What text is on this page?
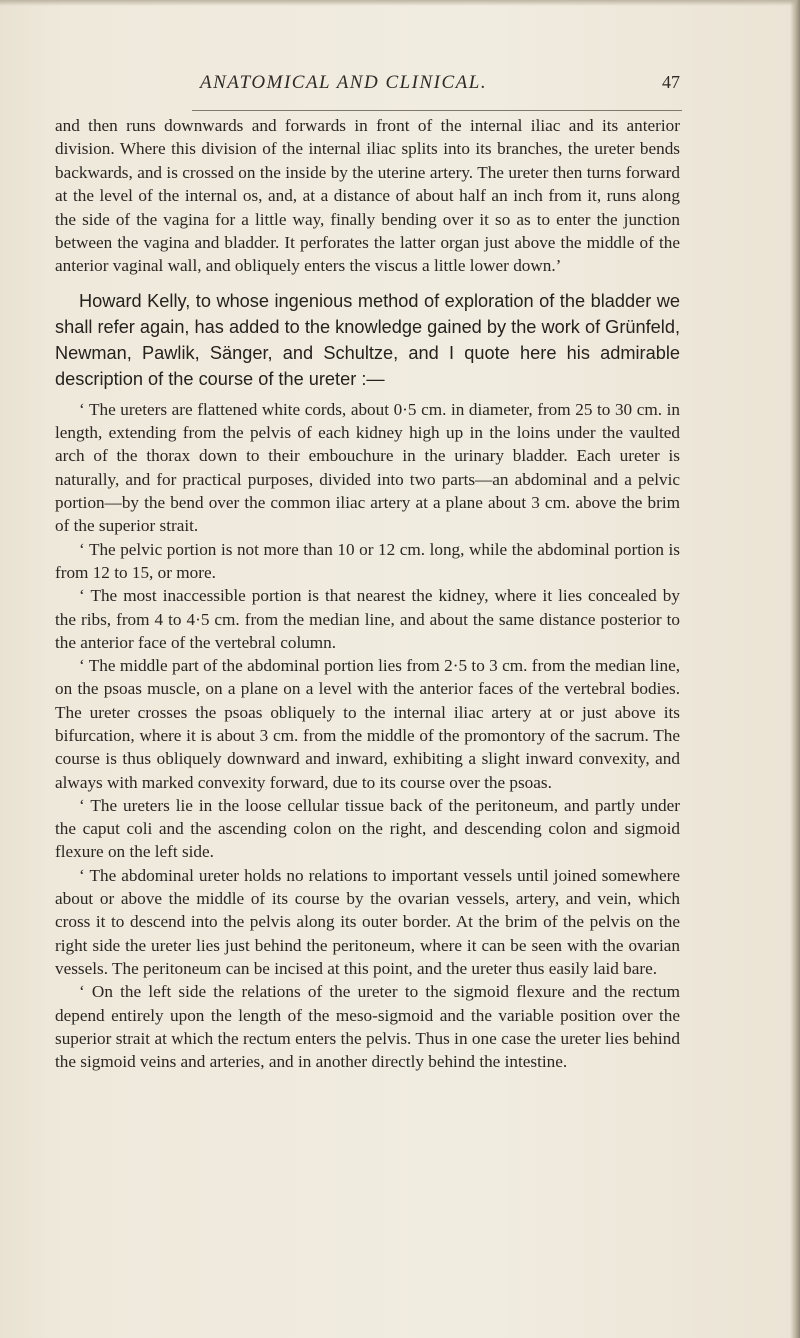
ANATOMICAL AND CLINICAL.	47

and then runs downwards and forwards in front of the internal iliac and its anterior division. Where this division of the internal iliac splits into its branches, the ureter bends backwards, and is crossed on the inside by the uterine artery. The ureter then turns forward at the level of the internal os, and, at a distance of about half an inch from it, runs along the side of the vagina for a little way, finally bending over it so as to enter the junction between the vagina and bladder. It perforates the latter organ just above the middle of the anterior vaginal wall, and obliquely enters the viscus a little lower down.’

Howard Kelly, to whose ingenious method of exploration of the bladder we shall refer again, has added to the knowledge gained by the work of Grünfeld, Newman, Pawlik, Sänger, and Schultze, and I quote here his admirable description of the course of the ureter :—

‘ The ureters are flattened white cords, about 0·5 cm. in diameter, from 25 to 30 cm. in length, extending from the pelvis of each kidney high up in the loins under the vaulted arch of the thorax down to their embouchure in the urinary bladder. Each ureter is naturally, and for practical purposes, divided into two parts—an abdominal and a pelvic portion—by the bend over the common iliac artery at a plane about 3 cm. above the brim of the superior strait.

‘ The pelvic portion is not more than 10 or 12 cm. long, while the abdominal portion is from 12 to 15, or more.

‘ The most inaccessible portion is that nearest the kidney, where it lies concealed by the ribs, from 4 to 4·5 cm. from the median line, and about the same distance posterior to the anterior face of the vertebral column.

‘ The middle part of the abdominal portion lies from 2·5 to 3 cm. from the median line, on the psoas muscle, on a plane on a level with the anterior faces of the vertebral bodies. The ureter crosses the psoas obliquely to the internal iliac artery at or just above its bifurcation, where it is about 3 cm. from the middle of the promontory of the sacrum. The course is thus obliquely downward and inward, exhibiting a slight inward convexity, and always with marked convexity forward, due to its course over the psoas.

‘ The ureters lie in the loose cellular tissue back of the peritoneum, and partly under the caput coli and the ascending colon on the right, and descending colon and sigmoid flexure on the left side.

‘ The abdominal ureter holds no relations to important vessels until joined somewhere about or above the middle of its course by the ovarian vessels, artery, and vein, which cross it to descend into the pelvis along its outer border. At the brim of the pelvis on the right side the ureter lies just behind the peritoneum, where it can be seen with the ovarian vessels. The peritoneum can be incised at this point, and the ureter thus easily laid bare.

‘ On the left side the relations of the ureter to the sigmoid flexure and the rectum depend entirely upon the length of the meso-sigmoid and the variable position over the superior strait at which the rectum enters the pelvis. Thus in one case the ureter lies behind the sigmoid veins and arteries, and in another directly behind the intestine.
